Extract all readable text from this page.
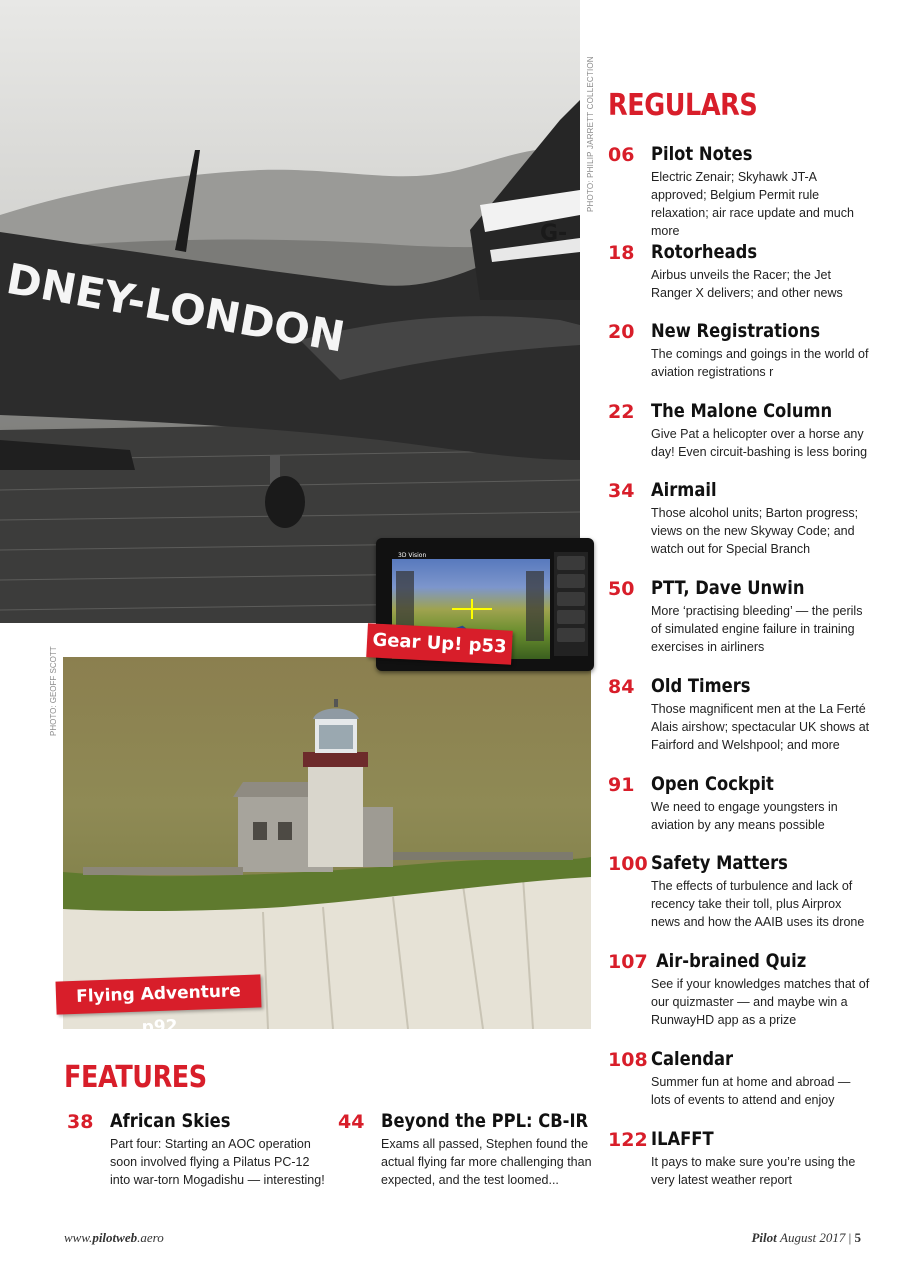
DNEY-LONDON
G-
PHOTO: PHILIP JARRETT COLLECTION
PHOTO: GEOFF SCOTT
3D Vision
Gear Up! p53
Flying Adventure p92
REGULARS
06 Pilot Notes
Electric Zenair; Skyhawk JT-A approved; Belgium Permit rule relaxation; air race update and much more
18 Rotorheads
Airbus unveils the Racer; the Jet Ranger X delivers; and other news
20 New Registrations
The comings and goings in the world of aviation registrations r
22 The Malone Column
Give Pat a helicopter over a horse any day! Even circuit-bashing is less boring
34 Airmail
Those alcohol units; Barton progress; views on the new Skyway Code; and watch out for Special Branch
50 PTT, Dave Unwin
More ‘practising bleeding’ — the perils of simulated engine failure in training exercises in airliners
84 Old Timers
Those magnificent men at the La Ferté Alais airshow; spectacular UK shows at Fairford and Welshpool; and more
91 Open Cockpit
We need to engage youngsters in aviation by any means possible
100 Safety Matters
The effects of turbulence and lack of recency take their toll, plus Airprox news and how the AAIB uses its drone
107 Air-brained Quiz
See if your knowledges matches that of our quizmaster — and maybe win a RunwayHD app as a prize
108 Calendar
Summer fun at home and abroad — lots of events to attend and enjoy
122 ILAFFT
It pays to make sure you’re using the very latest weather report
FEATURES
38 African Skies
Part four: Starting an AOC operation soon involved flying a Pilatus PC-12 into war-torn Mogadishu — interesting!
44 Beyond the PPL: CB-IR
Exams all passed, Stephen found the actual flying far more challenging than expected, and the test loomed...
www.pilotweb.aero	Pilot August 2017 | 5
